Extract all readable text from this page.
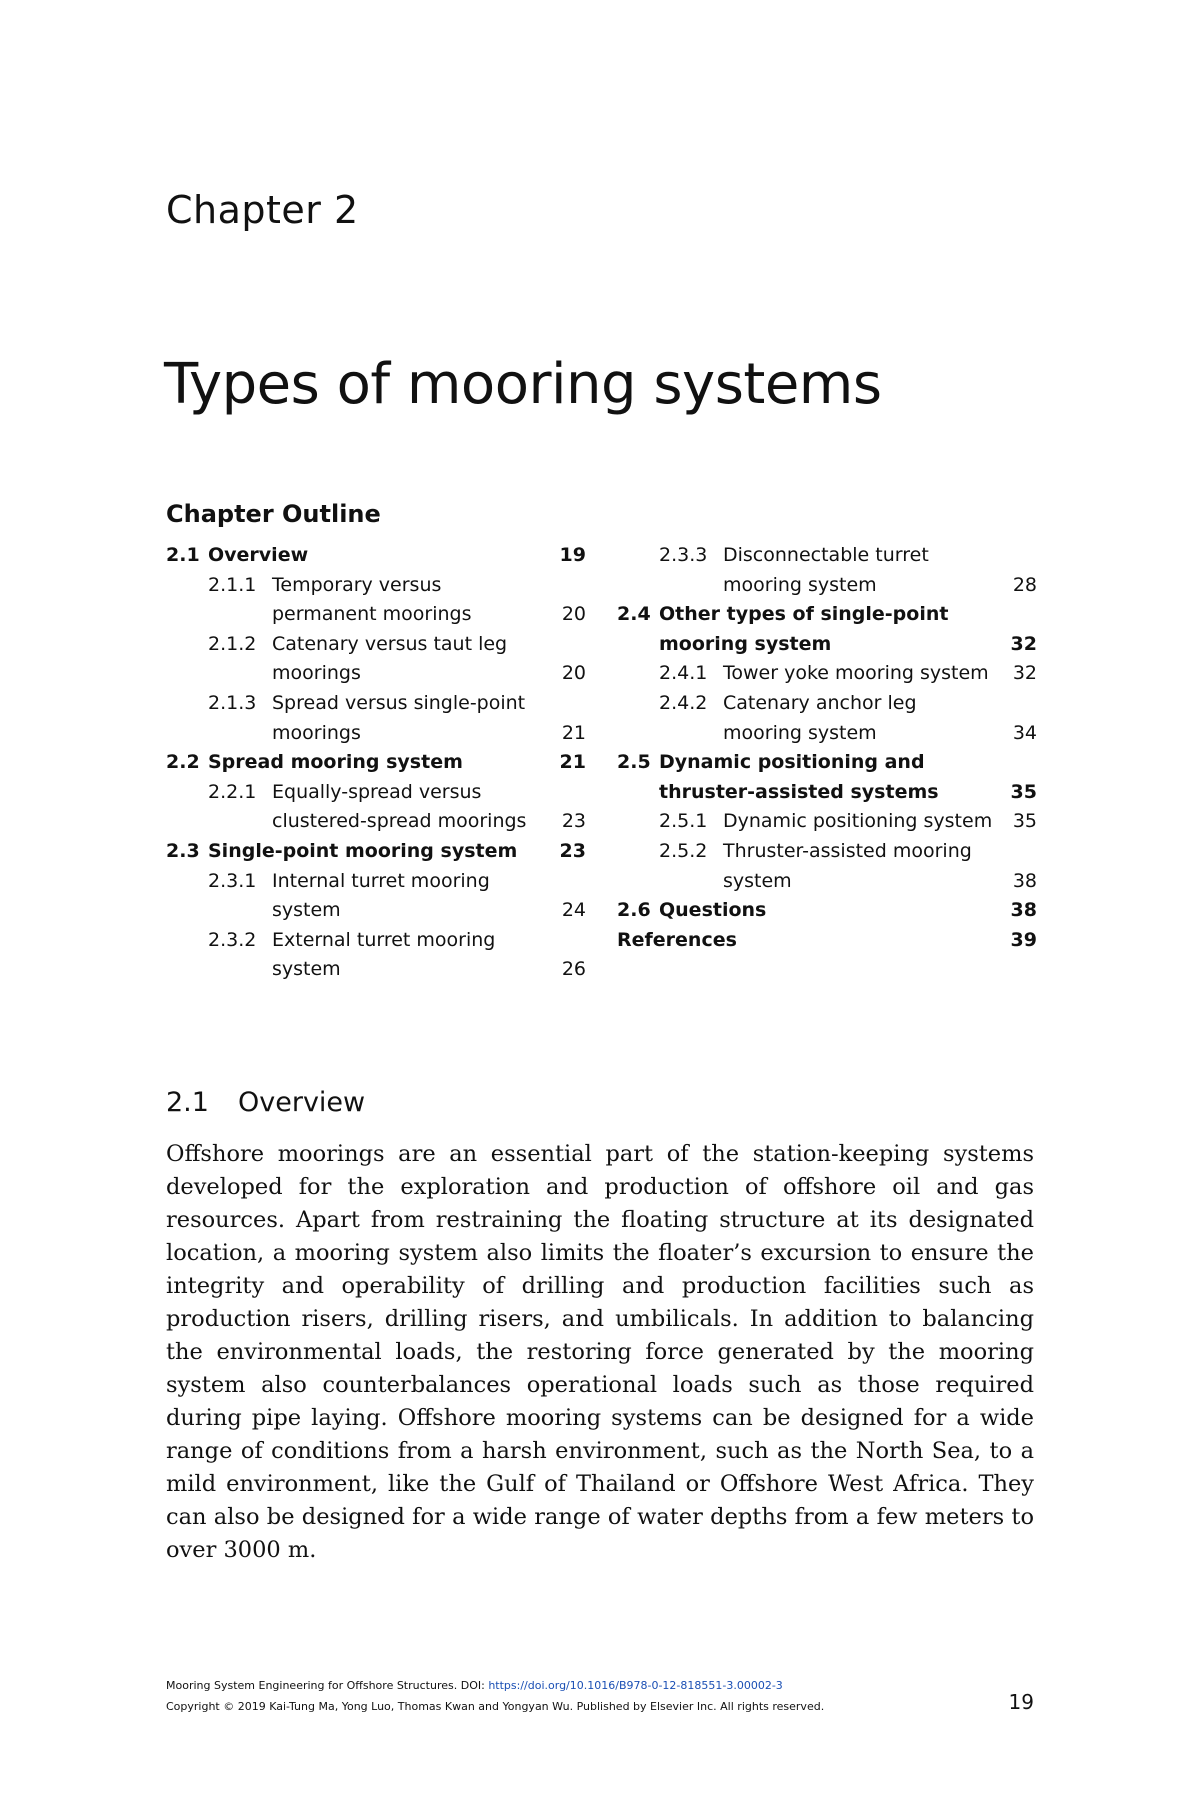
Chapter 2
Types of mooring systems
Chapter Outline
2.1 Overview	19
2.1.1 Temporary versus permanent moorings	20
2.1.2 Catenary versus taut leg moorings	20
2.1.3 Spread versus single-point moorings	21
2.2 Spread mooring system	21
2.2.1 Equally-spread versus clustered-spread moorings	23
2.3 Single-point mooring system	23
2.3.1 Internal turret mooring system	24
2.3.2 External turret mooring system	26
2.3.3 Disconnectable turret mooring system	28
2.4 Other types of single-point mooring system	32
2.4.1 Tower yoke mooring system	32
2.4.2 Catenary anchor leg mooring system	34
2.5 Dynamic positioning and thruster-assisted systems	35
2.5.1 Dynamic positioning system	35
2.5.2 Thruster-assisted mooring system	38
2.6 Questions	38
References	39
2.1 Overview
Offshore moorings are an essential part of the station-keeping systems developed for the exploration and production of offshore oil and gas resources. Apart from restraining the floating structure at its designated location, a mooring system also limits the floater’s excursion to ensure the integrity and operability of drilling and production facilities such as production risers, drilling risers, and umbilicals. In addition to balancing the environmental loads, the restoring force generated by the mooring system also counterbalances operational loads such as those required during pipe laying. Offshore mooring systems can be designed for a wide range of conditions from a harsh environment, such as the North Sea, to a mild environment, like the Gulf of Thailand or Offshore West Africa. They can also be designed for a wide range of water depths from a few meters to over 3000 m.
Mooring System Engineering for Offshore Structures. DOI: https://doi.org/10.1016/B978-0-12-818551-3.00002-3
Copyright © 2019 Kai-Tung Ma, Yong Luo, Thomas Kwan and Yongyan Wu. Published by Elsevier Inc. All rights reserved.	19
